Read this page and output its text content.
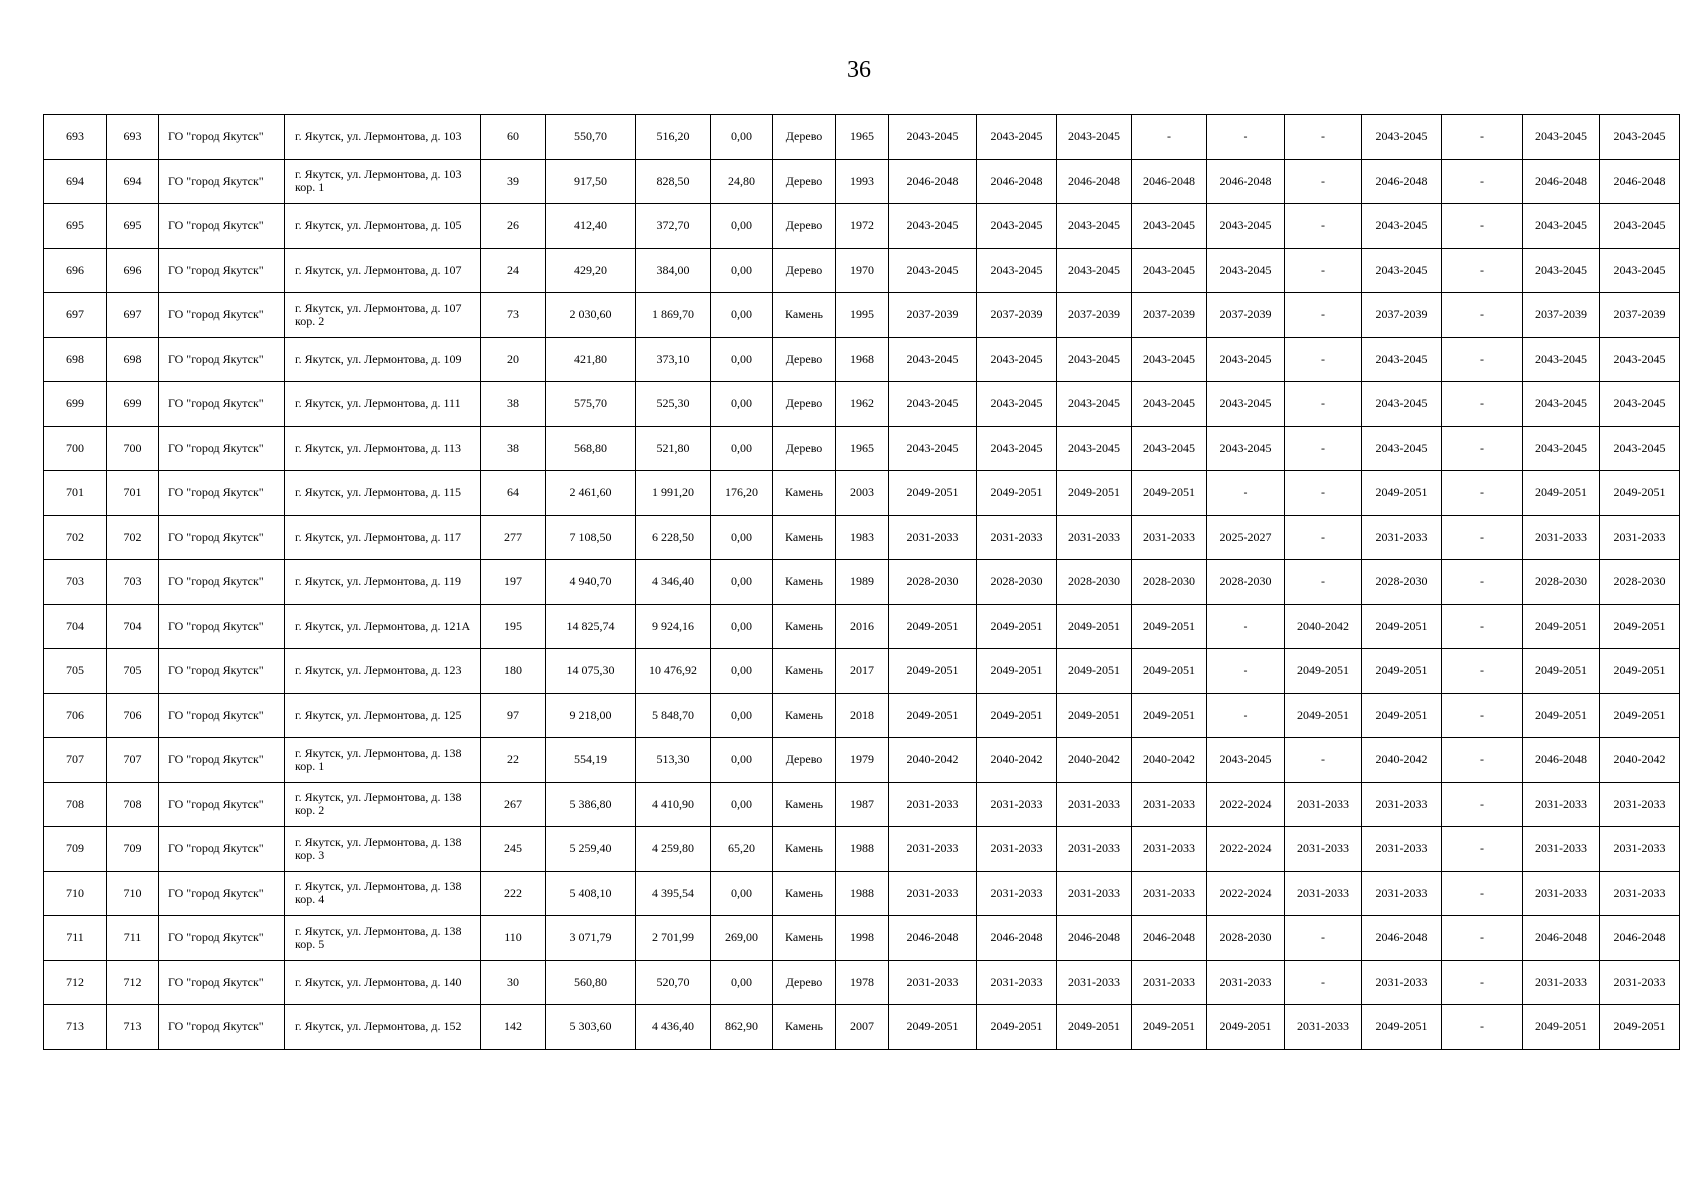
36
693	693	ГО "город Якутск"	г. Якутск, ул. Лермонтова, д. 103	60	550,70	516,20	0,00	Дерево	1965	2043-2045	2043-2045	2043-2045	-	-	-	2043-2045	-	2043-2045	2043-2045
694	694	ГО "город Якутск"	г. Якутск, ул. Лермонтова, д. 103 кор. 1	39	917,50	828,50	24,80	Дерево	1993	2046-2048	2046-2048	2046-2048	2046-2048	2046-2048	-	2046-2048	-	2046-2048	2046-2048
695	695	ГО "город Якутск"	г. Якутск, ул. Лермонтова, д. 105	26	412,40	372,70	0,00	Дерево	1972	2043-2045	2043-2045	2043-2045	2043-2045	2043-2045	-	2043-2045	-	2043-2045	2043-2045
696	696	ГО "город Якутск"	г. Якутск, ул. Лермонтова, д. 107	24	429,20	384,00	0,00	Дерево	1970	2043-2045	2043-2045	2043-2045	2043-2045	2043-2045	-	2043-2045	-	2043-2045	2043-2045
697	697	ГО "город Якутск"	г. Якутск, ул. Лермонтова, д. 107 кор. 2	73	2 030,60	1 869,70	0,00	Камень	1995	2037-2039	2037-2039	2037-2039	2037-2039	2037-2039	-	2037-2039	-	2037-2039	2037-2039
698	698	ГО "город Якутск"	г. Якутск, ул. Лермонтова, д. 109	20	421,80	373,10	0,00	Дерево	1968	2043-2045	2043-2045	2043-2045	2043-2045	2043-2045	-	2043-2045	-	2043-2045	2043-2045
699	699	ГО "город Якутск"	г. Якутск, ул. Лермонтова, д. 111	38	575,70	525,30	0,00	Дерево	1962	2043-2045	2043-2045	2043-2045	2043-2045	2043-2045	-	2043-2045	-	2043-2045	2043-2045
700	700	ГО "город Якутск"	г. Якутск, ул. Лермонтова, д. 113	38	568,80	521,80	0,00	Дерево	1965	2043-2045	2043-2045	2043-2045	2043-2045	2043-2045	-	2043-2045	-	2043-2045	2043-2045
701	701	ГО "город Якутск"	г. Якутск, ул. Лермонтова, д. 115	64	2 461,60	1 991,20	176,20	Камень	2003	2049-2051	2049-2051	2049-2051	2049-2051	-	-	2049-2051	-	2049-2051	2049-2051
702	702	ГО "город Якутск"	г. Якутск, ул. Лермонтова, д. 117	277	7 108,50	6 228,50	0,00	Камень	1983	2031-2033	2031-2033	2031-2033	2031-2033	2025-2027	-	2031-2033	-	2031-2033	2031-2033
703	703	ГО "город Якутск"	г. Якутск, ул. Лермонтова, д. 119	197	4 940,70	4 346,40	0,00	Камень	1989	2028-2030	2028-2030	2028-2030	2028-2030	2028-2030	-	2028-2030	-	2028-2030	2028-2030
704	704	ГО "город Якутск"	г. Якутск, ул. Лермонтова, д. 121А	195	14 825,74	9 924,16	0,00	Камень	2016	2049-2051	2049-2051	2049-2051	2049-2051	-	2040-2042	2049-2051	-	2049-2051	2049-2051
705	705	ГО "город Якутск"	г. Якутск, ул. Лермонтова, д. 123	180	14 075,30	10 476,92	0,00	Камень	2017	2049-2051	2049-2051	2049-2051	2049-2051	-	2049-2051	2049-2051	-	2049-2051	2049-2051
706	706	ГО "город Якутск"	г. Якутск, ул. Лермонтова, д. 125	97	9 218,00	5 848,70	0,00	Камень	2018	2049-2051	2049-2051	2049-2051	2049-2051	-	2049-2051	2049-2051	-	2049-2051	2049-2051
707	707	ГО "город Якутск"	г. Якутск, ул. Лермонтова, д. 138 кор. 1	22	554,19	513,30	0,00	Дерево	1979	2040-2042	2040-2042	2040-2042	2040-2042	2043-2045	-	2040-2042	-	2046-2048	2040-2042
708	708	ГО "город Якутск"	г. Якутск, ул. Лермонтова, д. 138 кор. 2	267	5 386,80	4 410,90	0,00	Камень	1987	2031-2033	2031-2033	2031-2033	2031-2033	2022-2024	2031-2033	2031-2033	-	2031-2033	2031-2033
709	709	ГО "город Якутск"	г. Якутск, ул. Лермонтова, д. 138 кор. 3	245	5 259,40	4 259,80	65,20	Камень	1988	2031-2033	2031-2033	2031-2033	2031-2033	2022-2024	2031-2033	2031-2033	-	2031-2033	2031-2033
710	710	ГО "город Якутск"	г. Якутск, ул. Лермонтова, д. 138 кор. 4	222	5 408,10	4 395,54	0,00	Камень	1988	2031-2033	2031-2033	2031-2033	2031-2033	2022-2024	2031-2033	2031-2033	-	2031-2033	2031-2033
711	711	ГО "город Якутск"	г. Якутск, ул. Лермонтова, д. 138 кор. 5	110	3 071,79	2 701,99	269,00	Камень	1998	2046-2048	2046-2048	2046-2048	2046-2048	2028-2030	-	2046-2048	-	2046-2048	2046-2048
712	712	ГО "город Якутск"	г. Якутск, ул. Лермонтова, д. 140	30	560,80	520,70	0,00	Дерево	1978	2031-2033	2031-2033	2031-2033	2031-2033	2031-2033	-	2031-2033	-	2031-2033	2031-2033
713	713	ГО "город Якутск"	г. Якутск, ул. Лермонтова, д. 152	142	5 303,60	4 436,40	862,90	Камень	2007	2049-2051	2049-2051	2049-2051	2049-2051	2049-2051	2031-2033	2049-2051	-	2049-2051	2049-2051
